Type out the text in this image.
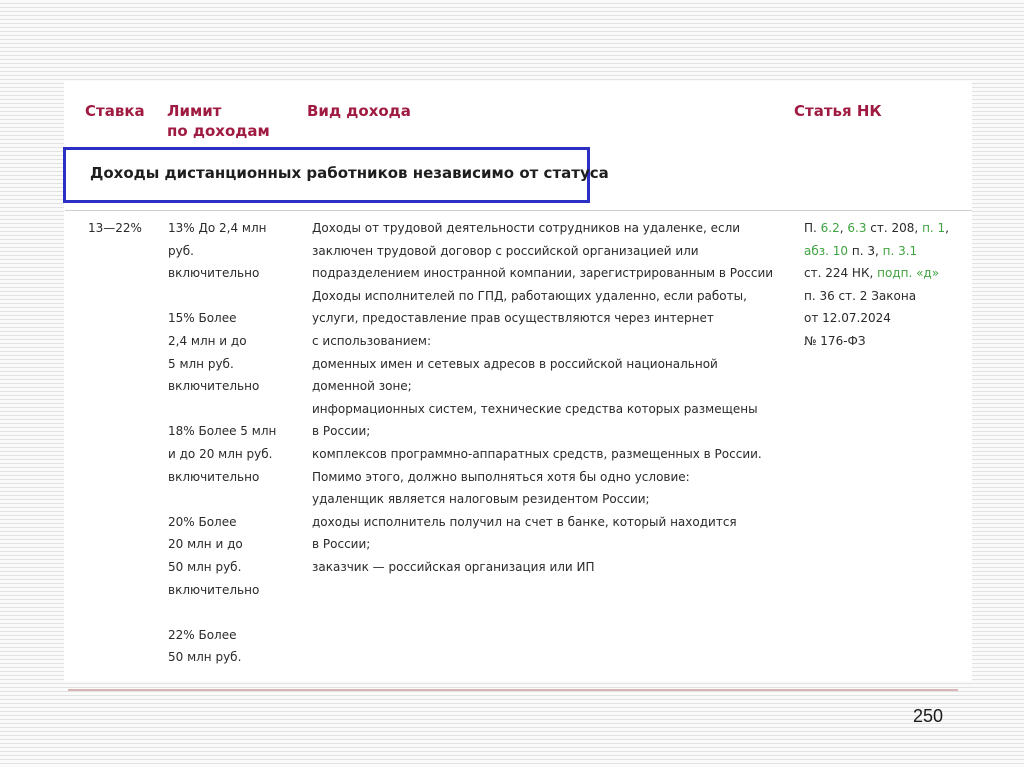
Ставка Лимит
по доходам
Вид дохода	Статья НК
Доходы дистанционных работников независимо от статуса
13—22% 13% До 2,4 млн
руб.
включительно
15% Более
2,4 млн и до
5 млн руб.
включительно
18% Более 5 млн
и до 20 млн руб.
включительно
20% Более
20 млн и до
50 млн руб.
включительно
22% Более
50 млн руб.
Доходы от трудовой деятельности сотрудников на удаленке, если
заключен трудовой договор с российской организацией или
подразделением иностранной компании, зарегистрированным в России
Доходы исполнителей по ГПД, работающих удаленно, если работы,
услуги, предоставление прав осуществляются через интернет
с использованием:
доменных имен и сетевых адресов в российской национальной
доменной зоне;
информационных систем, технические средства которых размещены
в России;
комплексов программно-аппаратных средств, размещенных в России.
Помимо этого, должно выполняться хотя бы одно условие:
удаленщик является налоговым резидентом России;
доходы исполнитель получил на счет в банке, который находится
в России;
заказчик — российская организация или ИП
П. 6.2, 6.3 ст. 208, п. 1,
абз. 10 п. 3, п. 3.1
ст. 224 НК, подп. «д»
п. 36 ст. 2 Закона
от 12.07.2024
№ 176-ФЗ
250
